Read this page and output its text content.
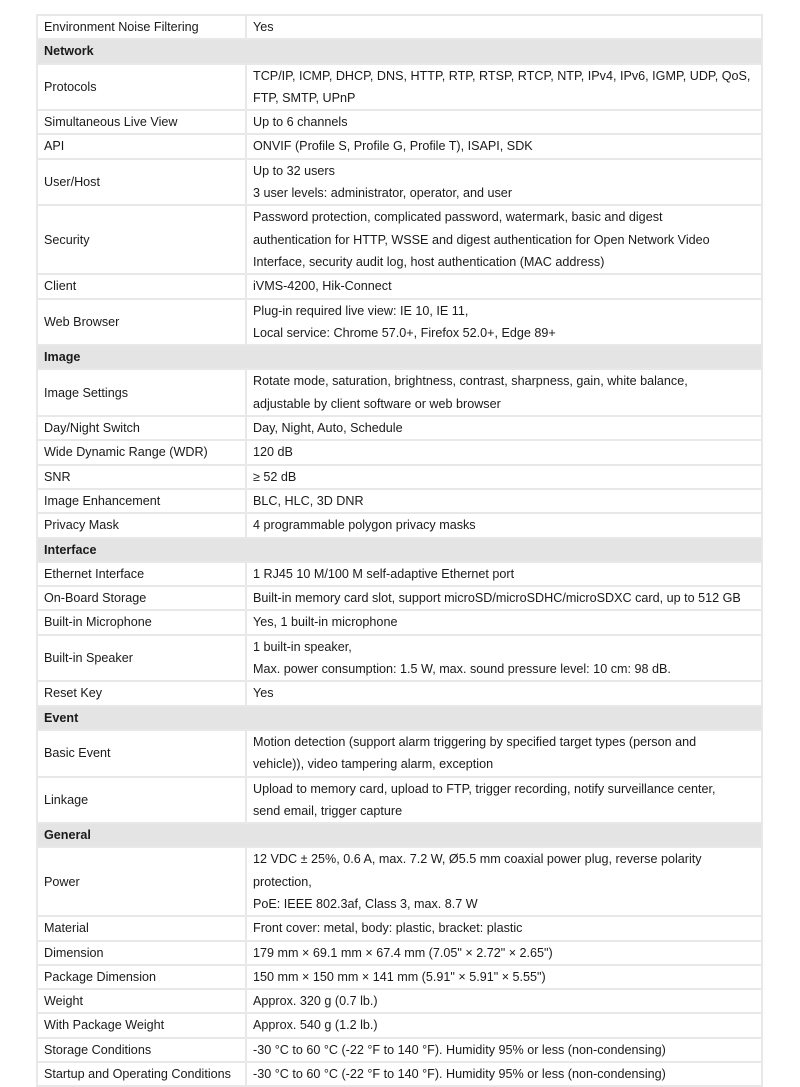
Environment Noise Filtering	Yes

Network	
Protocols	TCP/IP, ICMP, DHCP, DNS, HTTP, RTP, RTSP, RTCP, NTP, IPv4, IPv6, IGMP, UDP, QoS,
FTP, SMTP, UPnP

Simultaneous Live View	Up to 6 channels

API	ONVIF (Profile S, Profile G, Profile T), ISAPI, SDK

User/Host	Up to 32 users
3 user levels: administrator, operator, and user

Security	Password protection, complicated password, watermark, basic and digest
authentication for HTTP, WSSE and digest authentication for Open Network Video
Interface, security audit log, host authentication (MAC address)

Client	iVMS-4200, Hik-Connect

Web Browser	Plug-in required live view: IE 10, IE 11,
Local service: Chrome 57.0+, Firefox 52.0+, Edge 89+

Image	
Image Settings	Rotate mode, saturation, brightness, contrast, sharpness, gain, white balance,
adjustable by client software or web browser

Day/Night Switch	Day, Night, Auto, Schedule

Wide Dynamic Range (WDR)	120 dB

SNR	≥ 52 dB

Image Enhancement	BLC, HLC, 3D DNR

Privacy Mask	4 programmable polygon privacy masks

Interface	
Ethernet Interface	1 RJ45 10 M/100 M self-adaptive Ethernet port

On-Board Storage	Built-in memory card slot, support microSD/microSDHC/microSDXC card, up to 512 GB

Built-in Microphone	Yes, 1 built-in microphone

Built-in Speaker	1 built-in speaker,
Max. power consumption: 1.5 W, max. sound pressure level: 10 cm: 98 dB.

Reset Key	Yes

Event	
Basic Event	Motion detection (support alarm triggering by specified target types (person and
vehicle)), video tampering alarm, exception

Linkage	Upload to memory card, upload to FTP, trigger recording, notify surveillance center,
send email, trigger capture

General	
Power	12 VDC ± 25%, 0.6 A, max. 7.2 W, Ø5.5 mm coaxial power plug, reverse polarity
protection,
PoE: IEEE 802.3af, Class 3, max. 8.7 W

Material	Front cover: metal, body: plastic, bracket: plastic

Dimension	179 mm × 69.1 mm × 67.4 mm (7.05" × 2.72" × 2.65")

Package Dimension	150 mm × 150 mm × 141 mm (5.91" × 5.91" × 5.55")

Weight	Approx. 320 g (0.7 lb.)

With Package Weight	Approx. 540 g (1.2 lb.)

Storage Conditions	-30 °C to 60 °C (-22 °F to 140 °F). Humidity 95% or less (non-condensing)

Startup and Operating Conditions	-30 °C to 60 °C (-22 °F to 140 °F). Humidity 95% or less (non-condensing)
